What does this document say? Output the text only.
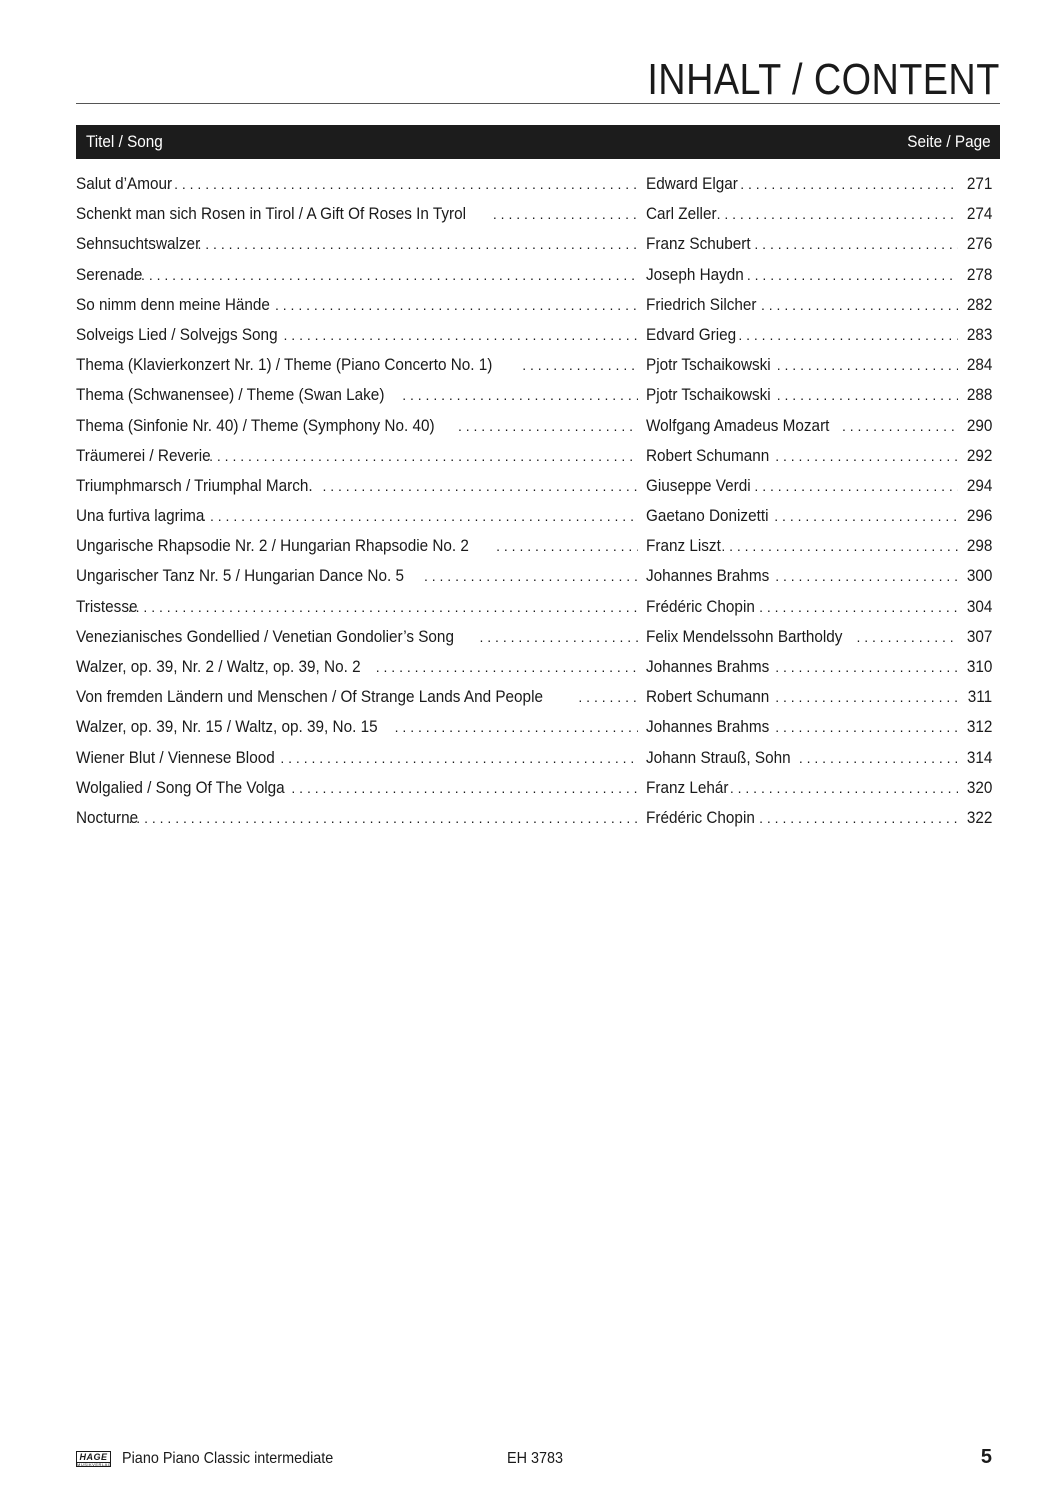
INHALT / CONTENT
Titel / Song	Seite / Page
Salut d’Amour . . .	Edward Elgar . . .	271
Schenkt man sich Rosen in Tirol / A Gift Of Roses In Tyrol . . .	Carl Zeller . . .	274
Sehnsuchtswalzer . . .	Franz Schubert . . .	276
Serenade . . .	Joseph Haydn . . .	278
So nimm denn meine Hände . . .	Friedrich Silcher . . .	282
Solveigs Lied / Solvejgs Song . . .	Edvard Grieg . . .	283
Thema (Klavierkonzert Nr. 1) / Theme (Piano Concerto No. 1) . . .	Pjotr Tschaikowski . . .	284
Thema (Schwanensee) / Theme (Swan Lake) . . .	Pjotr Tschaikowski . . .	288
Thema (Sinfonie Nr. 40) / Theme (Symphony No. 40) . . .	Wolfgang Amadeus Mozart . . .	290
Träumerei / Reverie . . .	Robert Schumann . . .	292
Triumphmarsch / Triumphal March. . . .	Giuseppe Verdi . . .	294
Una furtiva lagrima . . .	Gaetano Donizetti . . .	296
Ungarische Rhapsodie Nr. 2 / Hungarian Rhapsodie No. 2 . . .	Franz Liszt . . .	298
Ungarischer Tanz Nr. 5 / Hungarian Dance No. 5 . . .	Johannes Brahms . . .	300
Tristesse . . .	Frédéric Chopin . . .	304
Venezianisches Gondellied / Venetian Gondolier’s Song . . .	Felix Mendelssohn Bartholdy . . .	307
Walzer, op. 39, Nr. 2 / Waltz, op. 39, No. 2 . . .	Johannes Brahms . . .	310
Von fremden Ländern und Menschen / Of Strange Lands And People . . .	Robert Schumann . . .	311
Walzer, op. 39, Nr. 15 / Waltz, op. 39, No. 15 . . .	Johannes Brahms . . .	312
Wiener Blut / Viennese Blood . . .	Johann Strauß, Sohn . . .	314
Wolgalied / Song Of The Volga . . .	Franz Lehár . . .	320
Nocturne . . .	Frédéric Chopin . . .	322
HAGE
MUSIKVERLAG Piano Piano Classic intermediate	EH 3783	5
